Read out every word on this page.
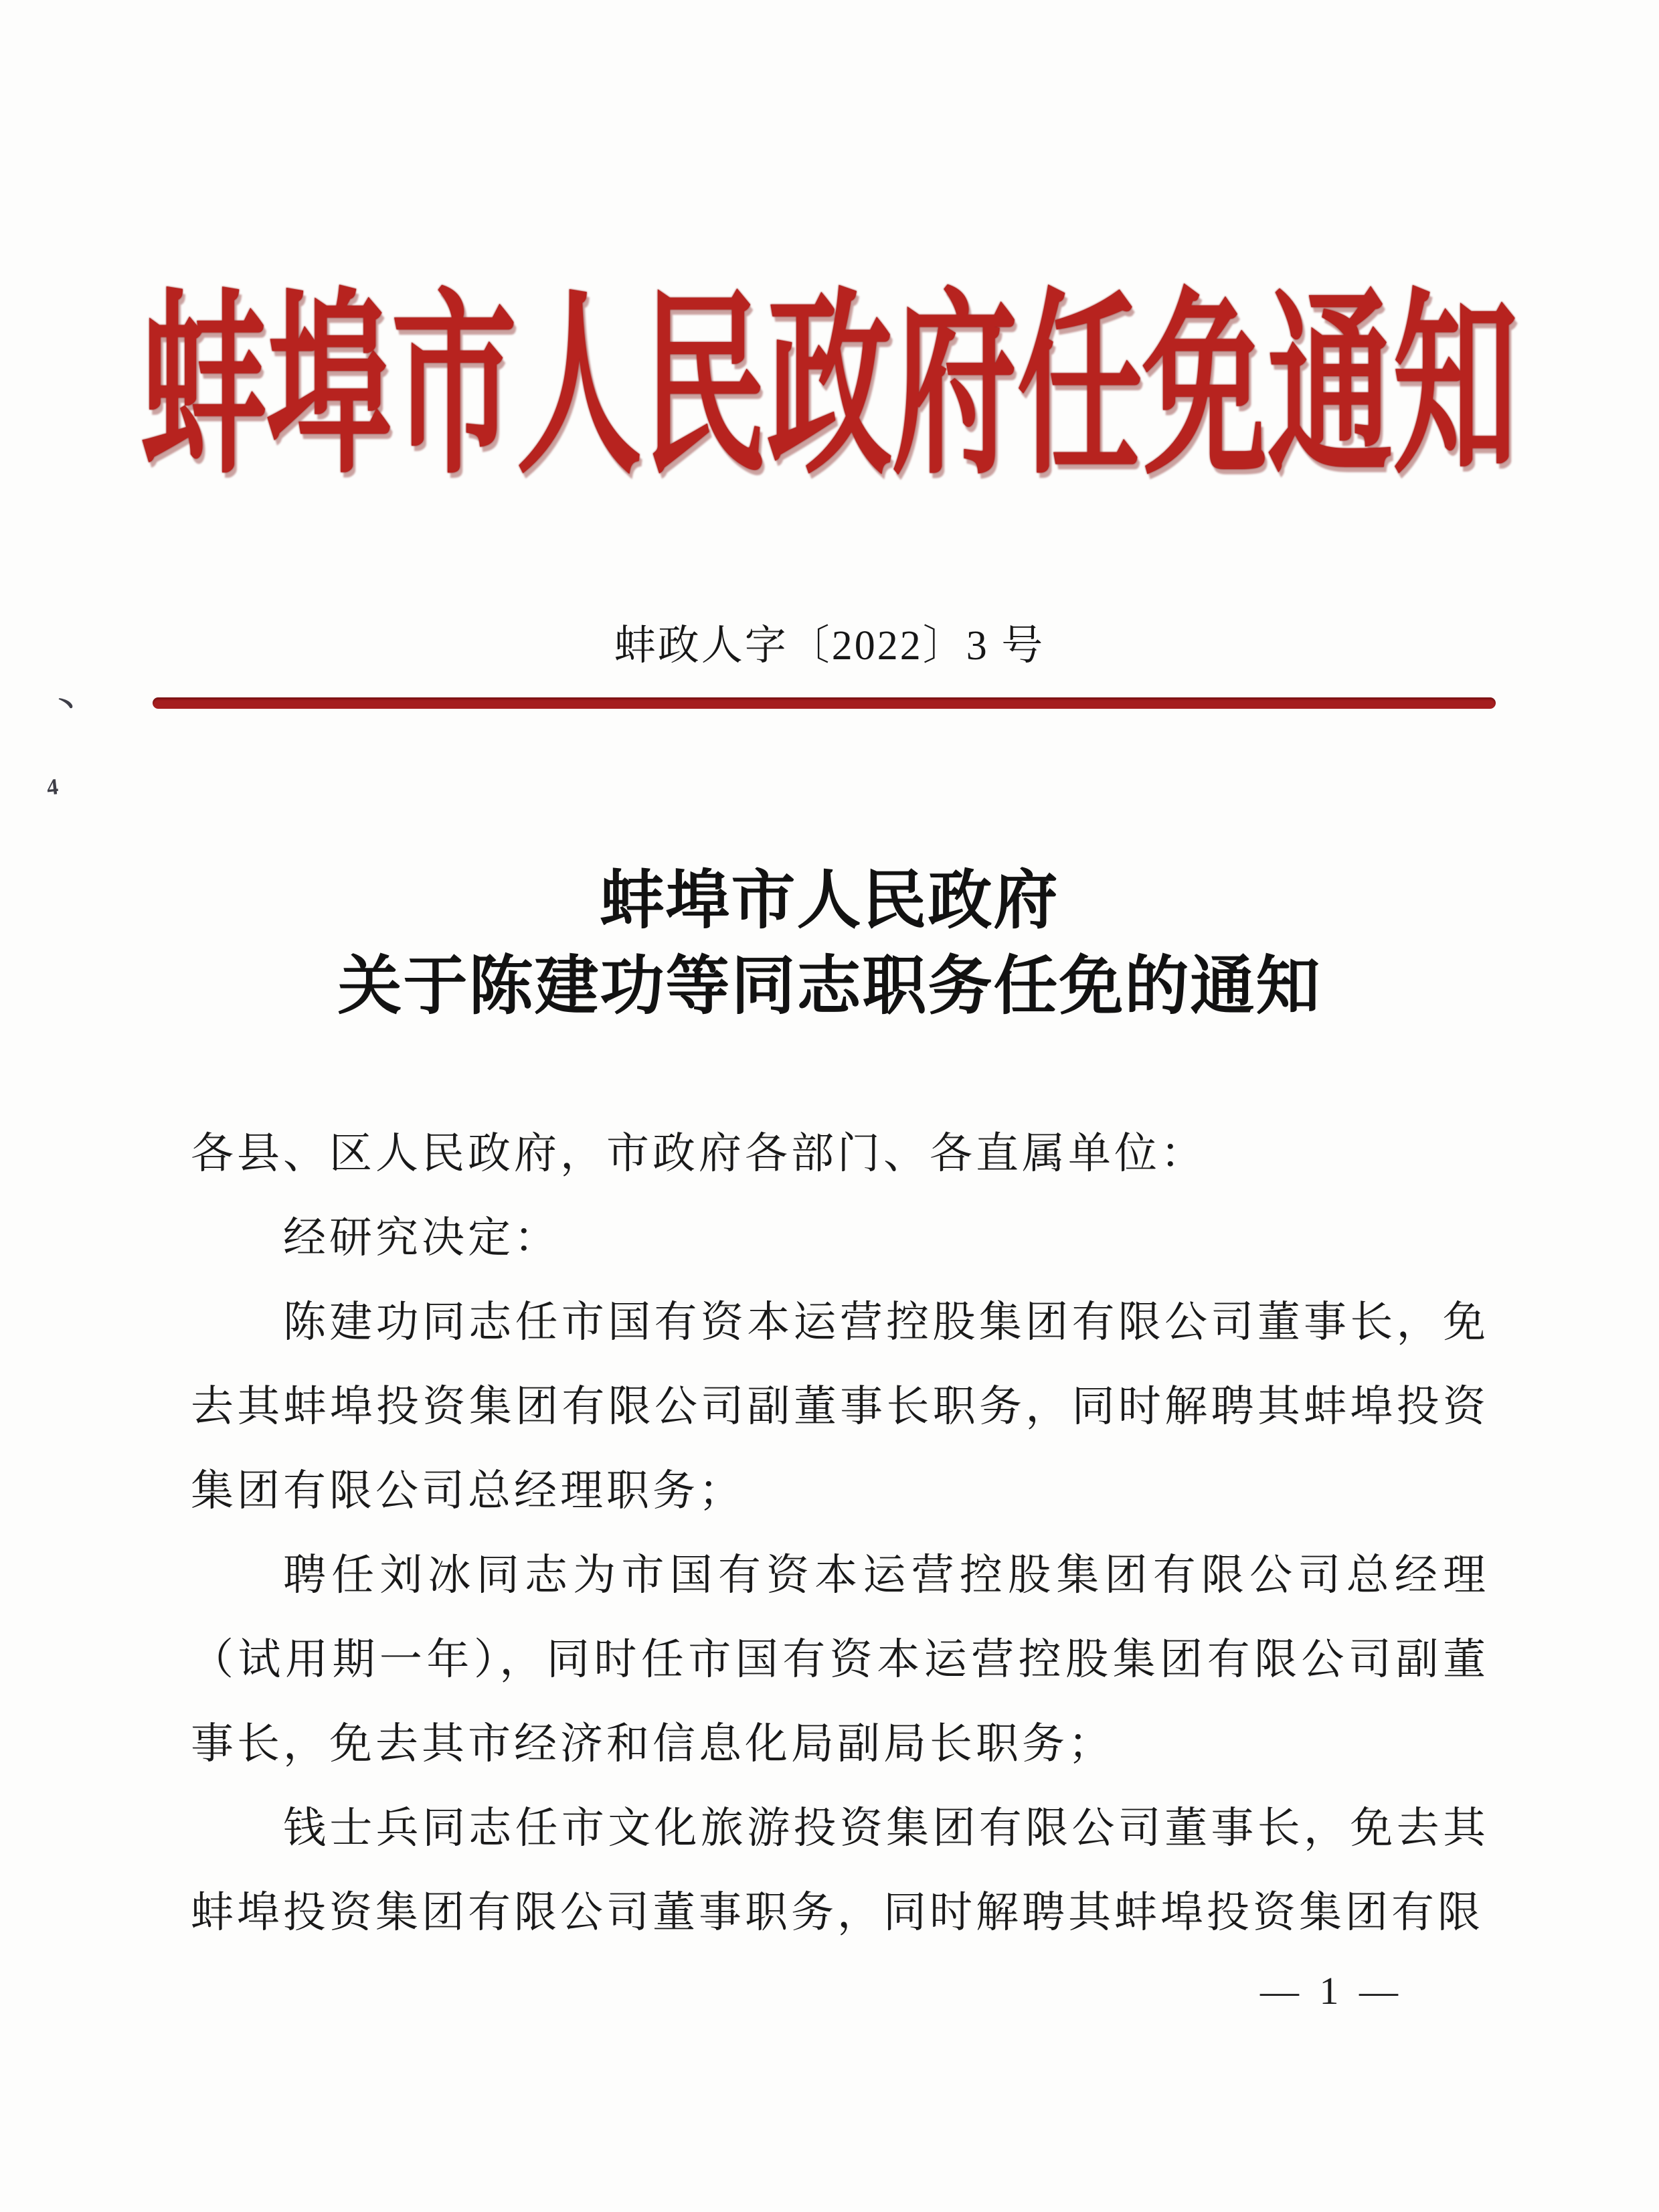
蚌埠市人民政府任免通知
蚌政人字〔2022〕3 号
蚌埠市人民政府
关于陈建功等同志职务任免的通知

各县、区人民政府，市政府各部门、各直属单位：

经研究决定：

陈建功同志任市国有资本运营控股集团有限公司董事长，免去其蚌埠投资集团有限公司副董事长职务，同时解聘其蚌埠投资集团有限公司总经理职务；

聘任刘冰同志为市国有资本运营控股集团有限公司总经理（试用期一年），同时任市国有资本运营控股集团有限公司副董事长，免去其市经济和信息化局副局长职务；

钱士兵同志任市文化旅游投资集团有限公司董事长，免去其蚌埠投资集团有限公司董事职务，同时解聘其蚌埠投资集团有限

— 1 —
丶
4
